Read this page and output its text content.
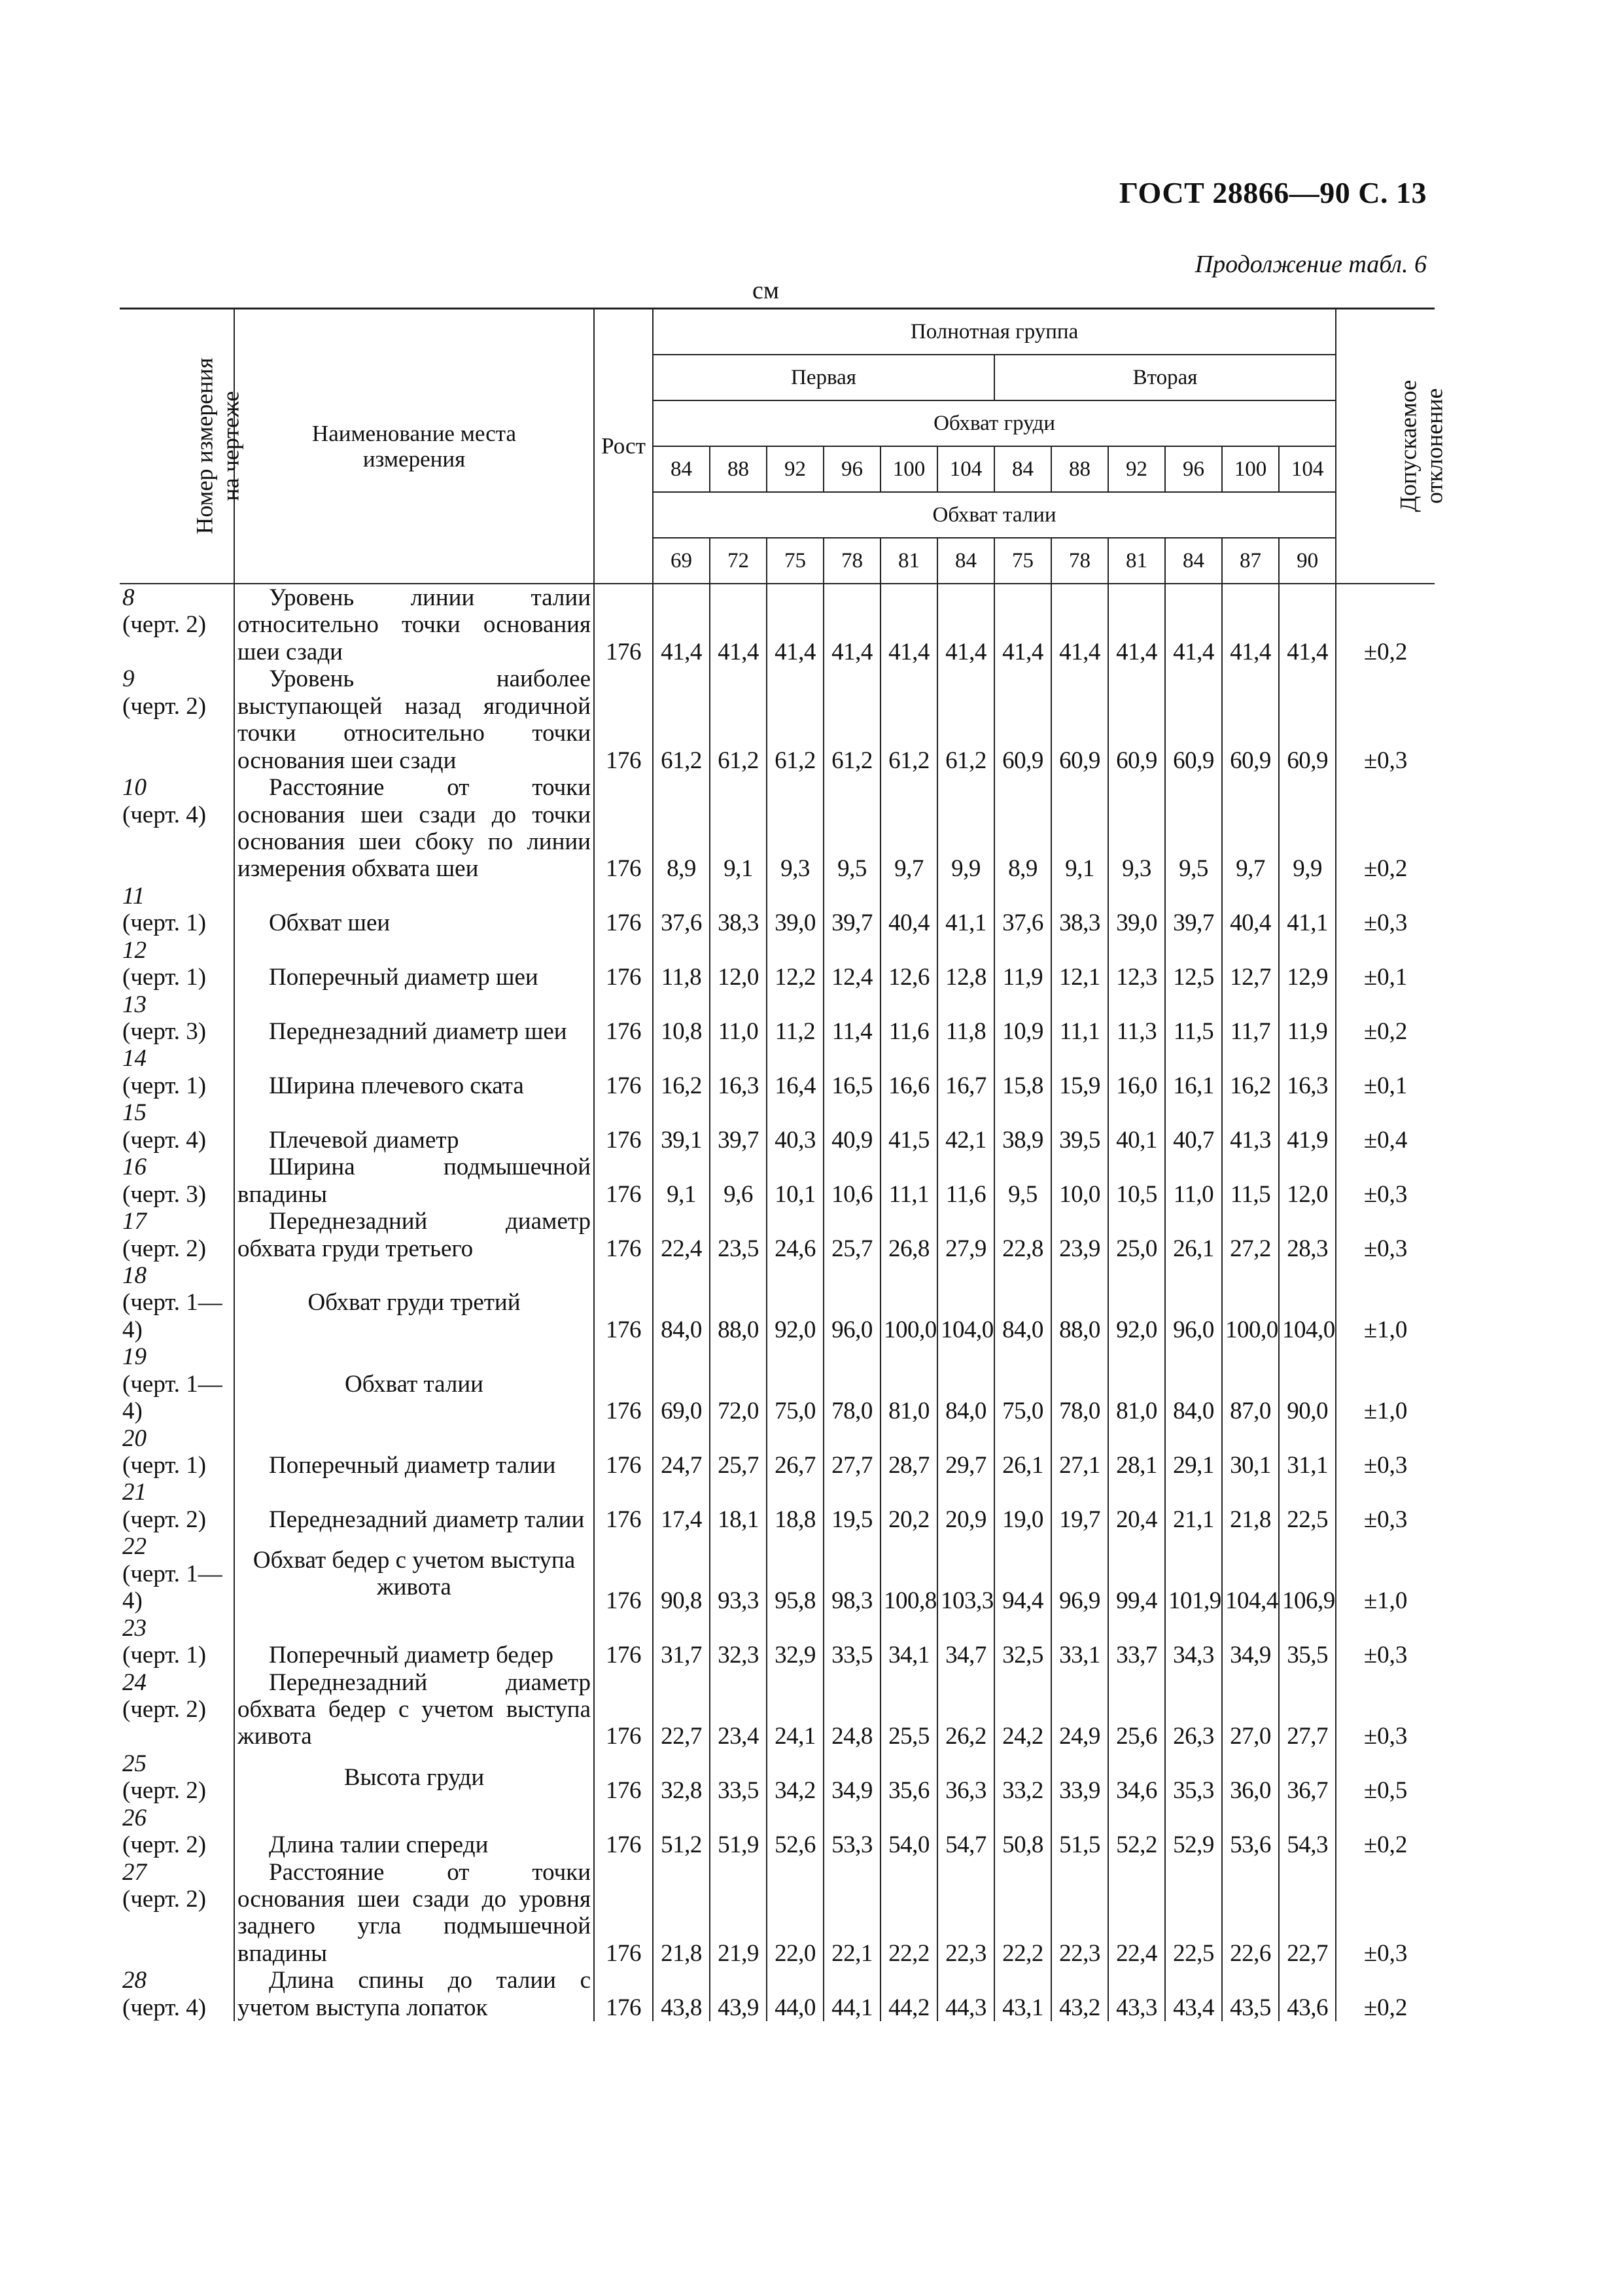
ГОСТ 28866—90 С. 13
Продолжение табл. 6
см
Номер измерения на чертеже	Наименование места измерения	Рост	Полнотная группа												Допускаемое отклонение
			Первая						Вторая						
			Обхват груди												
			84	88	92	96	100	104	84	88	92	96	100	104	
			Обхват талии												
			69	72	75	78	81	84	75	78	81	84	87	90	
8
(черт. 2)	Уровень линии талии относительно точки основания шеи сзади	176	41,4	41,4	41,4	41,4	41,4	41,4	41,4	41,4	41,4	41,4	41,4	41,4	±0,2
9
(черт. 2)	Уровень наиболее выступающей назад ягодичной точки относительно точки основания шеи сзади	176	61,2	61,2	61,2	61,2	61,2	61,2	60,9	60,9	60,9	60,9	60,9	60,9	±0,3
10
(черт. 4)	Расстояние от точки основания шеи сзади до точки основания шеи сбоку по линии измерения обхвата шеи	176	8,9	9,1	9,3	9,5	9,7	9,9	8,9	9,1	9,3	9,5	9,7	9,9	±0,2
11
(черт. 1)	Обхват шеи	176	37,6	38,3	39,0	39,7	40,4	41,1	37,6	38,3	39,0	39,7	40,4	41,1	±0,3
12
(черт. 1)	Поперечный диаметр шеи	176	11,8	12,0	12,2	12,4	12,6	12,8	11,9	12,1	12,3	12,5	12,7	12,9	±0,1
13
(черт. 3)	Переднезадний диаметр шеи	176	10,8	11,0	11,2	11,4	11,6	11,8	10,9	11,1	11,3	11,5	11,7	11,9	±0,2
14
(черт. 1)	Ширина плечевого ската	176	16,2	16,3	16,4	16,5	16,6	16,7	15,8	15,9	16,0	16,1	16,2	16,3	±0,1
15
(черт. 4)	Плечевой диаметр	176	39,1	39,7	40,3	40,9	41,5	42,1	38,9	39,5	40,1	40,7	41,3	41,9	±0,4
16
(черт. 3)	Ширина подмышечной впадины	176	9,1	9,6	10,1	10,6	11,1	11,6	9,5	10,0	10,5	11,0	11,5	12,0	±0,3
17
(черт. 2)	Переднезадний диаметр обхвата груди третьего	176	22,4	23,5	24,6	25,7	26,8	27,9	22,8	23,9	25,0	26,1	27,2	28,3	±0,3
18
(черт. 1—4)	Обхват груди третий	176	84,0	88,0	92,0	96,0	100,0	104,0	84,0	88,0	92,0	96,0	100,0	104,0	±1,0
19
(черт. 1—4)	Обхват талии	176	69,0	72,0	75,0	78,0	81,0	84,0	75,0	78,0	81,0	84,0	87,0	90,0	±1,0
20
(черт. 1)	Поперечный диаметр талии	176	24,7	25,7	26,7	27,7	28,7	29,7	26,1	27,1	28,1	29,1	30,1	31,1	±0,3
21
(черт. 2)	Переднезадний диаметр талии	176	17,4	18,1	18,8	19,5	20,2	20,9	19,0	19,7	20,4	21,1	21,8	22,5	±0,3
22
(черт. 1—4)	Обхват бедер с учетом выступа живота	176	90,8	93,3	95,8	98,3	100,8	103,3	94,4	96,9	99,4	101,9	104,4	106,9	±1,0
23
(черт. 1)	Поперечный диаметр бедер	176	31,7	32,3	32,9	33,5	34,1	34,7	32,5	33,1	33,7	34,3	34,9	35,5	±0,3
24
(черт. 2)	Переднезадний диаметр обхвата бедер с учетом выступа живота	176	22,7	23,4	24,1	24,8	25,5	26,2	24,2	24,9	25,6	26,3	27,0	27,7	±0,3
25
(черт. 2)	Высота груди	176	32,8	33,5	34,2	34,9	35,6	36,3	33,2	33,9	34,6	35,3	36,0	36,7	±0,5
26
(черт. 2)	Длина талии спереди	176	51,2	51,9	52,6	53,3	54,0	54,7	50,8	51,5	52,2	52,9	53,6	54,3	±0,2
27
(черт. 2)	Расстояние от точки основания шеи сзади до уровня заднего угла подмышечной впадины	176	21,8	21,9	22,0	22,1	22,2	22,3	22,2	22,3	22,4	22,5	22,6	22,7	±0,3
28
(черт. 4)	Длина спины до талии с учетом выступа лопаток	176	43,8	43,9	44,0	44,1	44,2	44,3	43,1	43,2	43,3	43,4	43,5	43,6	±0,2
